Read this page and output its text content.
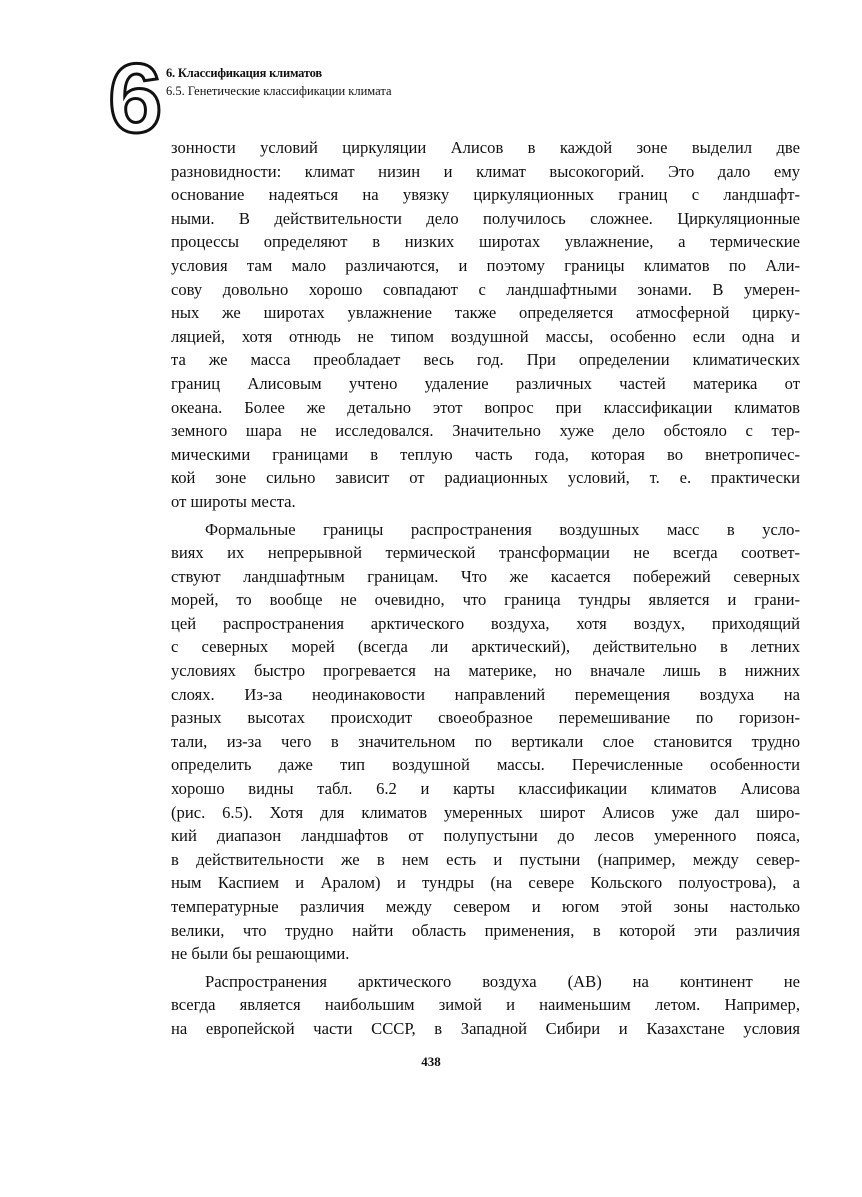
6 6. Классификация климатов
6.5. Генетические классификации климата
зонности условий циркуляции Алисов в каждой зоне выделил две
разновидности: климат низин и климат высокогорий. Это дало ему
основание надеяться на увязку циркуляционных границ с ландшафт-
ными. В действительности дело получилось сложнее. Циркуляционные
процессы определяют в низких широтах увлажнение, а термические
условия там мало различаются, и поэтому границы климатов по Али-
сову довольно хорошо совпадают с ландшафтными зонами. В умерен-
ных же широтах увлажнение также определяется атмосферной цирку-
ляцией, хотя отнюдь не типом воздушной массы, особенно если одна и
та же масса преобладает весь год. При определении климатических
границ Алисовым учтено удаление различных частей материка от
океана. Более же детально этот вопрос при классификации климатов
земного шара не исследовался. Значительно хуже дело обстояло с тер-
мическими границами в теплую часть года, которая во внетропичес-
кой зоне сильно зависит от радиационных условий, т. е. практически
от широты места.
Формальные границы распространения воздушных масс в усло-
виях их непрерывной термической трансформации не всегда соответ-
ствуют ландшафтным границам. Что же касается побережий северных
морей, то вообще не очевидно, что граница тундры является и грани-
цей распространения арктического воздуха, хотя воздух, приходящий
с северных морей (всегда ли арктический), действительно в летних
условиях быстро прогревается на материке, но вначале лишь в нижних
слоях. Из-за неодинаковости направлений перемещения воздуха на
разных высотах происходит своеобразное перемешивание по горизон-
тали, из-за чего в значительном по вертикали слое становится трудно
определить даже тип воздушной массы. Перечисленные особенности
хорошо видны табл. 6.2 и карты классификации климатов Алисова
(рис. 6.5). Хотя для климатов умеренных широт Алисов уже дал широ-
кий диапазон ландшафтов от полупустыни до лесов умеренного пояса,
в действительности же в нем есть и пустыни (например, между север-
ным Каспием и Аралом) и тундры (на севере Кольского полуострова), а
температурные различия между севером и югом этой зоны настолько
велики, что трудно найти область применения, в которой эти различия
не были бы решающими.
Распространения арктического воздуха (АВ) на континент не
всегда является наибольшим зимой и наименьшим летом. Например,
на европейской части СССР, в Западной Сибири и Казахстане условия
438
